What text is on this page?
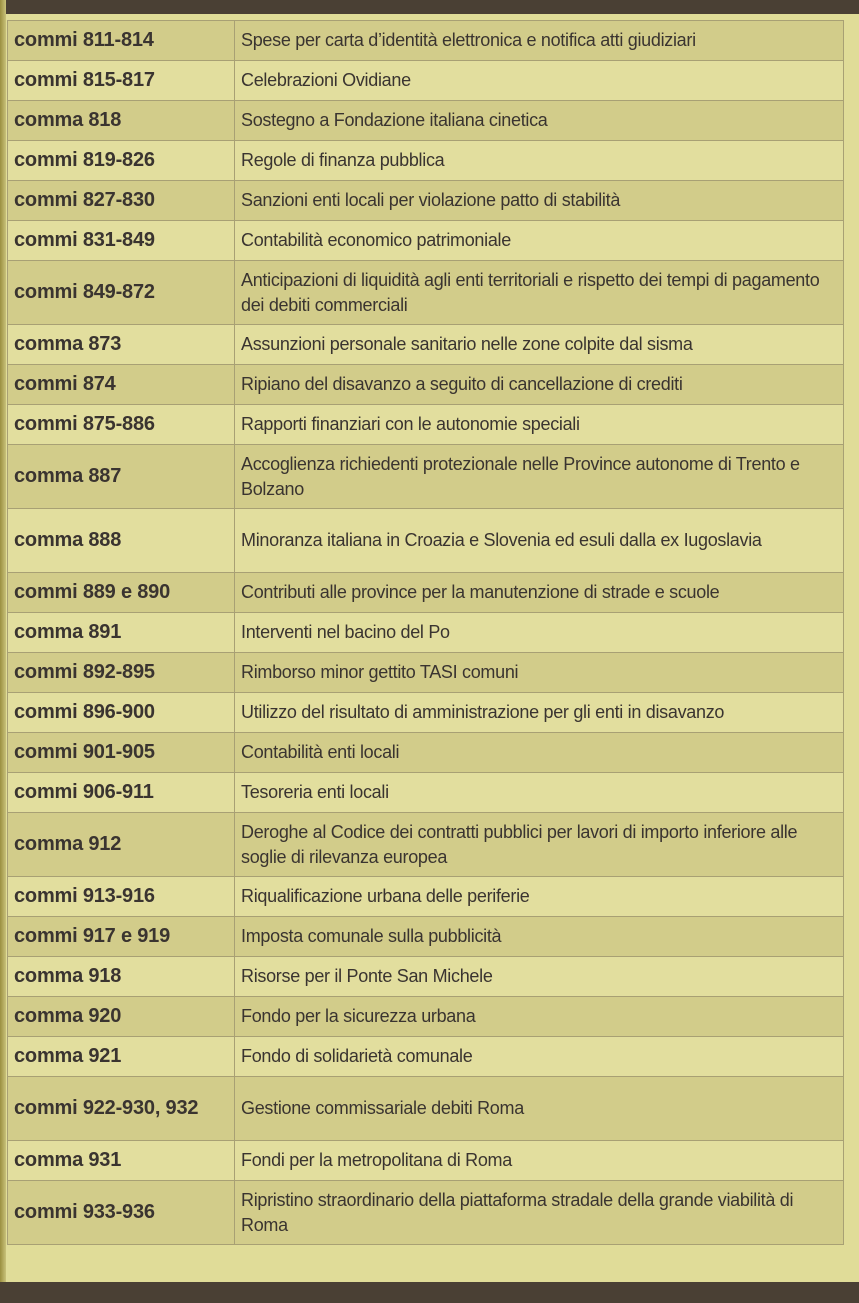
commi 811-814	Spese per carta d’identità elettronica e notifica atti giudiziari
commi 815-817	Celebrazioni Ovidiane
comma 818	Sostegno a Fondazione italiana cinetica
commi 819-826	Regole di finanza pubblica
commi 827-830	Sanzioni enti locali per violazione patto di stabilità
commi 831-849	Contabilità economico patrimoniale
commi 849-872	Anticipazioni di liquidità agli enti territoriali e rispetto dei tempi di pagamento dei debiti commerciali
comma 873	Assunzioni personale sanitario nelle zone colpite dal sisma
commi 874	Ripiano del disavanzo a seguito di cancellazione di crediti
commi 875-886	Rapporti finanziari con le autonomie speciali
comma 887	Accoglienza richiedenti protezionale nelle Province autonome di Trento e Bolzano
comma 888	Minoranza italiana in Croazia e Slovenia ed esuli dalla ex Iugoslavia
commi 889 e 890	Contributi alle province per la manutenzione di strade e scuole
comma 891	Interventi nel bacino del Po
commi 892-895	Rimborso minor gettito TASI comuni
commi 896-900	Utilizzo del risultato di amministrazione per gli enti in disavanzo
commi 901-905	Contabilità enti locali
commi 906-911	Tesoreria enti locali
comma 912	Deroghe al Codice dei contratti pubblici per lavori di importo inferiore alle soglie di rilevanza europea
commi 913-916	Riqualificazione urbana delle periferie
commi 917 e 919	Imposta comunale sulla pubblicità
comma 918	Risorse per il Ponte San Michele
comma 920	Fondo per la sicurezza urbana
comma 921	Fondo di solidarietà comunale
commi 922-930, 932	Gestione commissariale debiti Roma
comma 931	Fondi per la metropolitana di Roma
commi 933-936	Ripristino straordinario della piattaforma stradale della grande viabilità di Roma
